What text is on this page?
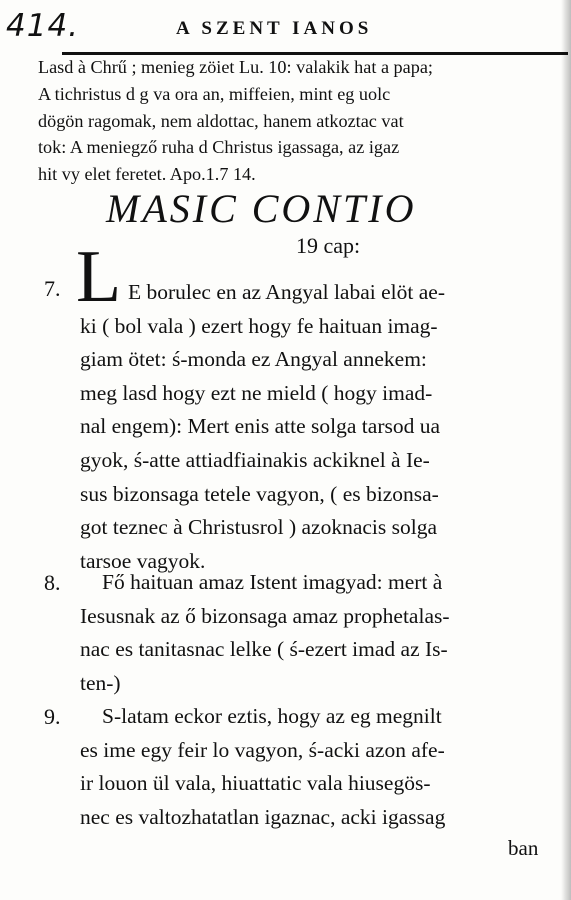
414.	A SZENT IANOS
Lasd à Chrű ; menieg zöiet Lu. 10: valakik hat a papa;
A tichristus d g va ora an, miffeien, mint eg uolc
dögön ragomak, nem aldottac, hanem atkoztac vat
tok: A meniegző ruha d Christus igassaga, az igaz
hit vy elet feretet. Apo.1.7 14.
MASIC CONTIO
19 cap:
7. L E borulec en az Angyal labai elöt ae-
ki ( bol vala ) ezert hogy fe haituan imag-
giam ötet: ś-monda ez Angyal annekem:
meg lasd hogy ezt ne mield ( hogy imad-
nal engem): Mert enis atte solga tarsod ua
gyok, ś-atte attiadfiainakis ackiknel à Ie-
sus bizonsaga tetele vagyon, ( es bizonsa-
got teznec à Christusrol ) azoknacis solga
tarsoe vagyok.
8.	Fő haituan amaz Istent imagyad: mert à
Iesusnak az ő bizonsaga amaz prophetalas-
nac es tanitasnac lelke ( ś-ezert imad az Is-
ten-)
9.	S-latam eckor eztis, hogy az eg megnilt
es ime egy feir lo vagyon, ś-acki azon afe-
ir louon ül vala, hiuattatic vala hiusegös-
nec es valtozhatatlan igaznac, acki igassag
ban
